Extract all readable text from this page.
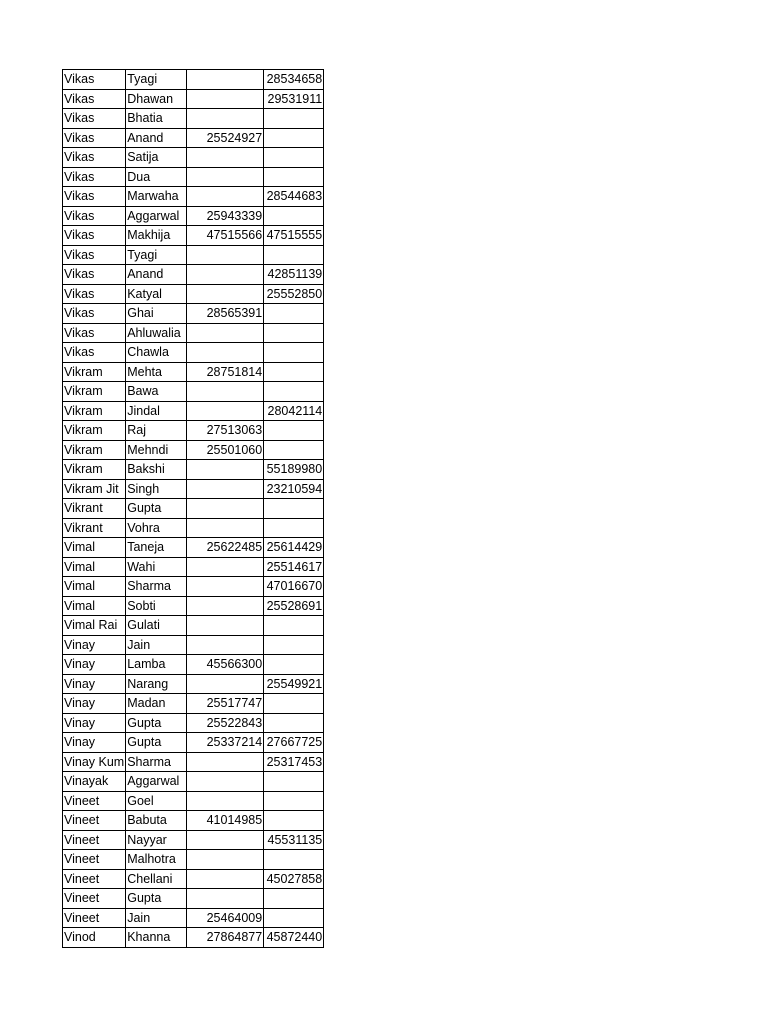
Vikas	Tyagi		28534658
Vikas	Dhawan		29531911
Vikas	Bhatia		
Vikas	Anand	25524927	
Vikas	Satija		
Vikas	Dua		
Vikas	Marwaha		28544683
Vikas	Aggarwal	25943339	
Vikas	Makhija	47515566	47515555
Vikas	Tyagi		
Vikas	Anand		42851139
Vikas	Katyal		25552850
Vikas	Ghai	28565391	
Vikas	Ahluwalia		
Vikas	Chawla		
Vikram	Mehta	28751814	
Vikram	Bawa		
Vikram	Jindal		28042114
Vikram	Raj	27513063	
Vikram	Mehndi	25501060	
Vikram	Bakshi		55189980
Vikram Jit	Singh		23210594
Vikrant	Gupta		
Vikrant	Vohra		
Vimal	Taneja	25622485	25614429
Vimal	Wahi		25514617
Vimal	Sharma		47016670
Vimal	Sobti		25528691
Vimal Rai	Gulati		
Vinay	Jain		
Vinay	Lamba	45566300	
Vinay	Narang		25549921
Vinay	Madan	25517747	
Vinay	Gupta	25522843	
Vinay	Gupta	25337214	27667725
Vinay Kum	Sharma		25317453
Vinayak	Aggarwal		
Vineet	Goel		
Vineet	Babuta	41014985	
Vineet	Nayyar		45531135
Vineet	Malhotra		
Vineet	Chellani		45027858
Vineet	Gupta		
Vineet	Jain	25464009	
Vinod	Khanna	27864877	45872440
